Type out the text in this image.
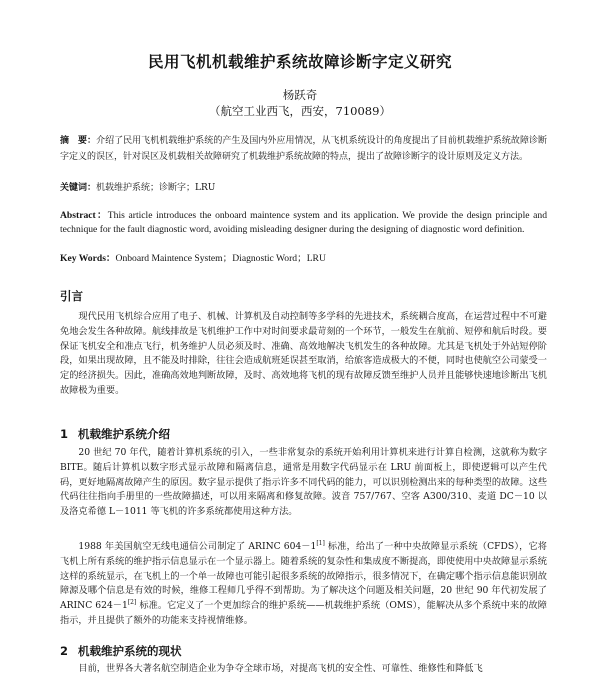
民用飞机机载维护系统故障诊断字定义研究
杨跃奇
（航空工业西飞，西安，710089）
摘　要：介绍了民用飞机机载维护系统的产生及国内外应用情况，从飞机系统设计的角度提出了目前机载维护系统故障诊断字定义的误区，针对误区及机载相关故障研究了机载维护系统故障的特点，提出了故障诊断字的设计原则及定义方法。
关键词：机载维护系统；诊断字；LRU
Abstract：This article introduces the onboard maintence system and its application. We provide the design principle and technique for the fault diagnostic word, avoiding misleading designer during the designing of diagnostic word definition.
Key Words：Onboard Maintence System；Diagnostic Word；LRU
引言

现代民用飞机综合应用了电子、机械、计算机及自动控制等多学科的先进技术，系统耦合度高，在运营过程中不可避免地会发生各种故障。航线排故是飞机维护工作中对时间要求最苛刻的一个环节，一般发生在航前、短停和航后时段。要保证飞机安全和准点飞行，机务维护人员必须及时、准确、高效地解决飞机发生的各种故障。尤其是飞机处于外站短停阶段，如果出现故障，且不能及时排除，往往会造成航班延误甚至取消，给旅客造成极大的不便，同时也使航空公司蒙受一定的经济损失。因此，准确高效地判断故障，及时、高效地将飞机的现有故障反馈至维护人员并且能够快速地诊断出飞机故障极为重要。

1 机载维护系统介绍

20 世纪 70 年代，随着计算机系统的引入，一些非常复杂的系统开始利用计算机来进行计算自检测，这就称为数字 BITE。随后计算机以数字形式显示故障和隔离信息，通常是用数字代码显示在 LRU 前面板上，即使逻辑可以产生代码，更好地隔离故障产生的原因。数字显示提供了指示许多不同代码的能力，可以识别检测出来的每种类型的故障。这些代码往往指向手册里的一些故障描述，可以用来隔离和修复故障。波音 757/767、空客 A300/310、麦道 DC－10 以及洛克希德 L－1011 等飞机的许多系统都使用这种方法。

1988 年美国航空无线电通信公司制定了 ARINC 604－1[1] 标准，给出了一种中央故障显示系统（CFDS），它将飞机上所有系统的维护指示信息显示在一个显示器上。随着系统的复杂性和集成度不断提高，即使使用中央故障显示系统这样的系统显示，在飞机上的一个单一故障也可能引起很多系统的故障指示，很多情况下，在确定哪个指示信息能识别故障源及哪个信息是有效的时候，维修工程师几乎得不到帮助。为了解决这个问题及相关问题，20 世纪 90 年代初发展了 ARINC 624－1[2] 标准。它定义了一个更加综合的维护系统——机载维护系统（OMS），能解决从多个系统中来的故障指示，并且提供了额外的功能来支持视情维修。

2 机载维护系统的现状

目前，世界各大著名航空制造企业为争夺全球市场，对提高飞机的安全性、可靠性、维修性和降低飞
